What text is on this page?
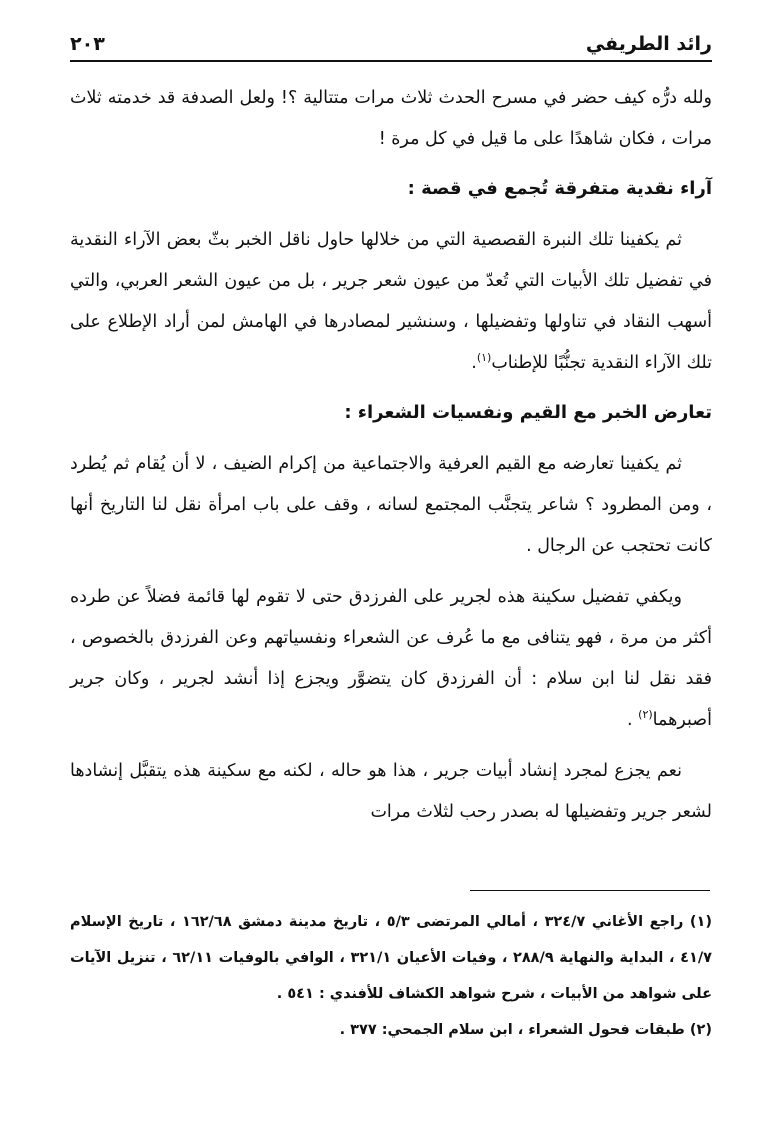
رائد الطريفي
٢٠٣

ولله درُّه كيف حضر في مسرح الحدث ثلاث مرات متتالية ؟! ولعل الصدفة قد خدمته ثلاث مرات ، فكان شاهدًا على ما قيل في كل مرة !

آراء نقدية متفرقة تُجمع في قصة :

ثم يكفينا تلك النبرة القصصية التي من خلالها حاول ناقل الخبر بثّ بعض الآراء النقدية في تفضيل تلك الأبيات التي تُعدّ من عيون شعر جرير ، بل من عيون الشعر العربي، والتي أسهب النقاد في تناولها وتفضيلها ، وسنشير لمصادرها في الهامش لمن أراد الإطلاع على تلك الآراء النقدية تجنُّبًا للإطناب$^{(١)}$.

تعارض الخبر مع القيم ونفسيات الشعراء :

ثم يكفينا تعارضه مع القيم العرفية والاجتماعية من إكرام الضيف ، لا أن يُقام ثم يُطرد ، ومن المطرود ؟ شاعر يتجنَّب المجتمع لسانه ، وقف على باب امرأة نقل لنا التاريخ أنها كانت تحتجب عن الرجال .

ويكفي تفضيل سكينة هذه لجرير على الفرزدق حتى لا تقوم لها قائمة فضلاً عن طرده أكثر من مرة ، فهو يتنافى مع ما عُرف عن الشعراء ونفسياتهم وعن الفرزدق بالخصوص ، فقد نقل لنا ابن سلام : أن الفرزدق كان يتضوَّر ويجزع إذا أنشد لجرير ، وكان جرير أصبرهما$^{(٢)}$ .

نعم يجزع لمجرد إنشاد أبيات جرير ، هذا هو حاله ، لكنه مع سكينة هذه يتقبَّل إنشادها لشعر جرير وتفضيلها له بصدر رحب لثلاث مرات

(١) راجع الأغاني ٣٢٤/٧ ، أمالي المرتضى ٥/٣ ، تاريخ مدينة دمشق ١٦٢/٦٨ ، تاريخ الإسلام ٤١/٧ ، البداية والنهاية ٢٨٨/٩ ، وفيات الأعيان ٣٢١/١ ، الوافي بالوفيات ٦٢/١١ ، تنزيل الآيات على شواهد من الأبيات ، شرح شواهد الكشاف للأفندي : ٥٤١ .

(٢) طبقات فحول الشعراء ، ابن سلام الجمحي: ٣٧٧ .
